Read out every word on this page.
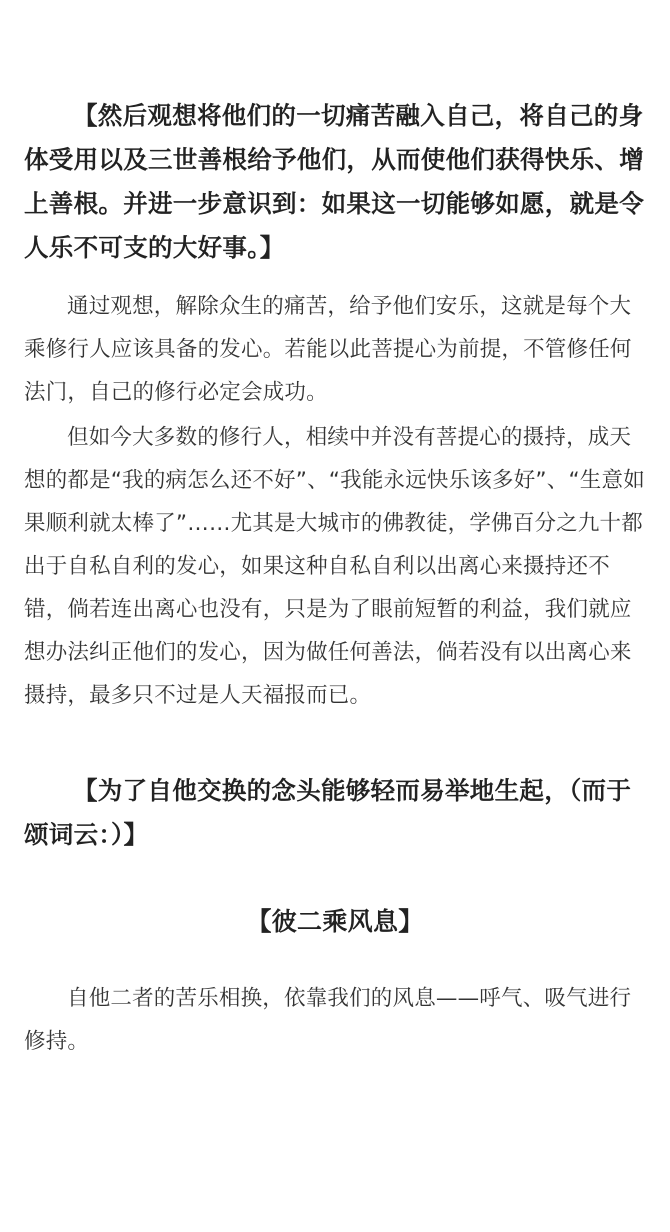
【然后观想将他们的一切痛苦融入自己，将自己的身体受用以及三世善根给予他们，从而使他们获得快乐、增上善根。并进一步意识到：如果这一切能够如愿，就是令人乐不可支的大好事。】

通过观想，解除众生的痛苦，给予他们安乐，这就是每个大乘修行人应该具备的发心。若能以此菩提心为前提，不管修任何法门，自己的修行必定会成功。

但如今大多数的修行人，相续中并没有菩提心的摄持，成天想的都是“我的病怎么还不好”、“我能永远快乐该多好”、“生意如果顺利就太棒了”……尤其是大城市的佛教徒，学佛百分之九十都出于自私自利的发心，如果这种自私自利以出离心来摄持还不错，倘若连出离心也没有，只是为了眼前短暂的利益，我们就应想办法纠正他们的发心，因为做任何善法，倘若没有以出离心来摄持，最多只不过是人天福报而已。

【为了自他交换的念头能够轻而易举地生起，（而于颂词云：）】

【彼二乘风息】

自他二者的苦乐相换，依靠我们的风息——呼气、吸气进行修持。
